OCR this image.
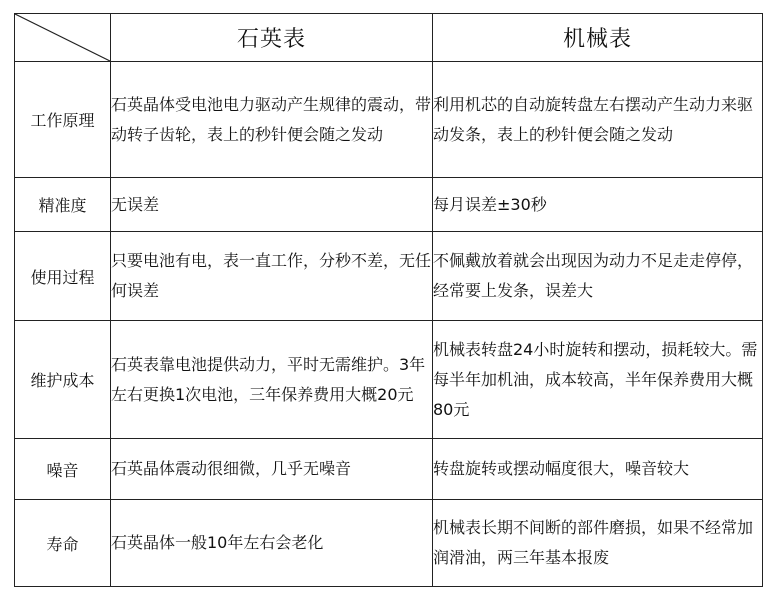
	石英表	机械表
工作原理	石英晶体受电池电力驱动产生规律的震动，带动转子齿轮，表上的秒针便会随之发动	利用机芯的自动旋转盘左右摆动产生动力来驱动发条，表上的秒针便会随之发动
精准度	无误差	每月误差±30秒
使用过程	只要电池有电，表一直工作，分秒不差，无任何误差	不佩戴放着就会出现因为动力不足走走停停，经常要上发条，误差大
维护成本	石英表靠电池提供动力，平时无需维护。3年左右更换1次电池，三年保养费用大概20元	机械表转盘24小时旋转和摆动，损耗较大。需每半年加机油，成本较高，半年保养费用大概80元
噪音	石英晶体震动很细微，几乎无噪音	转盘旋转或摆动幅度很大，噪音较大
寿命	石英晶体一般10年左右会老化	机械表长期不间断的部件磨损，如果不经常加润滑油，两三年基本报废
